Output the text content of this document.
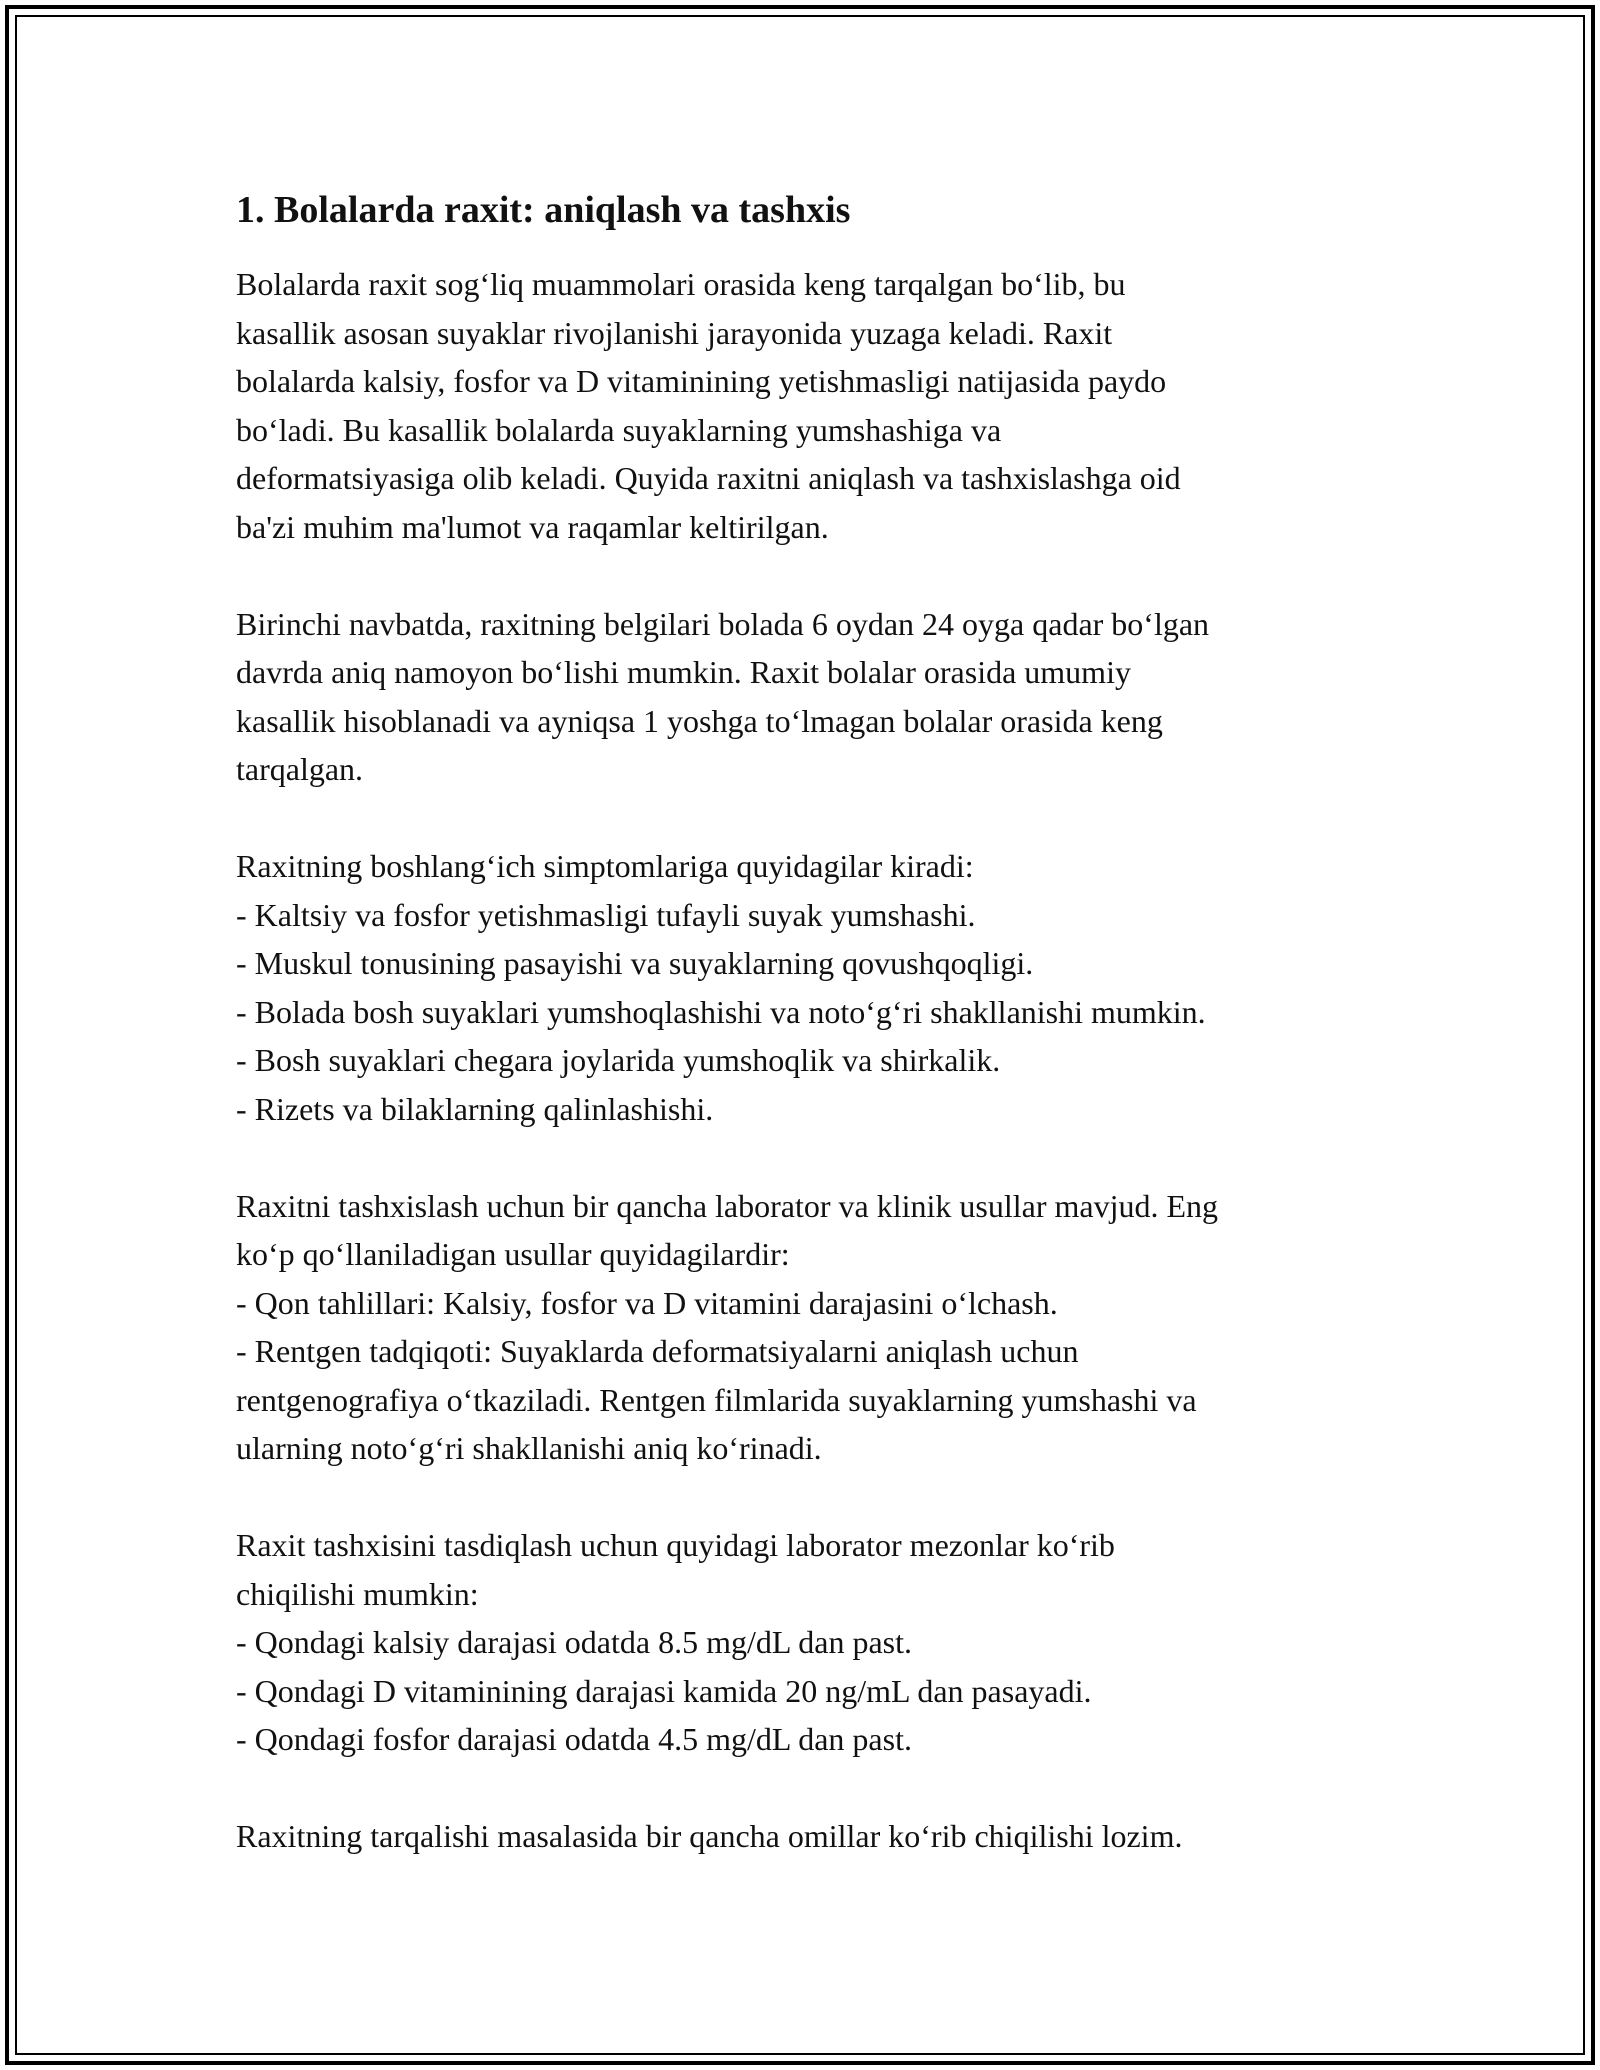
1. Bolalarda raxit: aniqlash va tashxis

Bolalarda raxit sog‘liq muammolari orasida keng tarqalgan bo‘lib, bu
kasallik asosan suyaklar rivojlanishi jarayonida yuzaga keladi. Raxit
bolalarda kalsiy, fosfor va D vitaminining yetishmasligi natijasida paydo
bo‘ladi. Bu kasallik bolalarda suyaklarning yumshashiga va
deformatsiyasiga olib keladi. Quyida raxitni aniqlash va tashxislashga oid
ba'zi muhim ma'lumot va raqamlar keltirilgan.

Birinchi navbatda, raxitning belgilari bolada 6 oydan 24 oyga qadar bo‘lgan
davrda aniq namoyon bo‘lishi mumkin. Raxit bolalar orasida umumiy
kasallik hisoblanadi va ayniqsa 1 yoshga to‘lmagan bolalar orasida keng
tarqalgan.

Raxitning boshlang‘ich simptomlariga quyidagilar kiradi:
- Kaltsiy va fosfor yetishmasligi tufayli suyak yumshashi.
- Muskul tonusining pasayishi va suyaklarning qovushqoqligi.
- Bolada bosh suyaklari yumshoqlashishi va noto‘g‘ri shakllanishi mumkin.
- Bosh suyaklari chegara joylarida yumshoqlik va shirkalik.
- Rizets va bilaklarning qalinlashishi.

Raxitni tashxislash uchun bir qancha laborator va klinik usullar mavjud. Eng
ko‘p qo‘llaniladigan usullar quyidagilardir:
- Qon tahlillari: Kalsiy, fosfor va D vitamini darajasini o‘lchash.
- Rentgen tadqiqoti: Suyaklarda deformatsiyalarni aniqlash uchun
rentgenografiya o‘tkaziladi. Rentgen filmlarida suyaklarning yumshashi va
ularning noto‘g‘ri shakllanishi aniq ko‘rinadi.

Raxit tashxisini tasdiqlash uchun quyidagi laborator mezonlar ko‘rib
chiqilishi mumkin:
- Qondagi kalsiy darajasi odatda 8.5 mg/dL dan past.
- Qondagi D vitaminining darajasi kamida 20 ng/mL dan pasayadi.
- Qondagi fosfor darajasi odatda 4.5 mg/dL dan past.

Raxitning tarqalishi masalasida bir qancha omillar ko‘rib chiqilishi lozim.
